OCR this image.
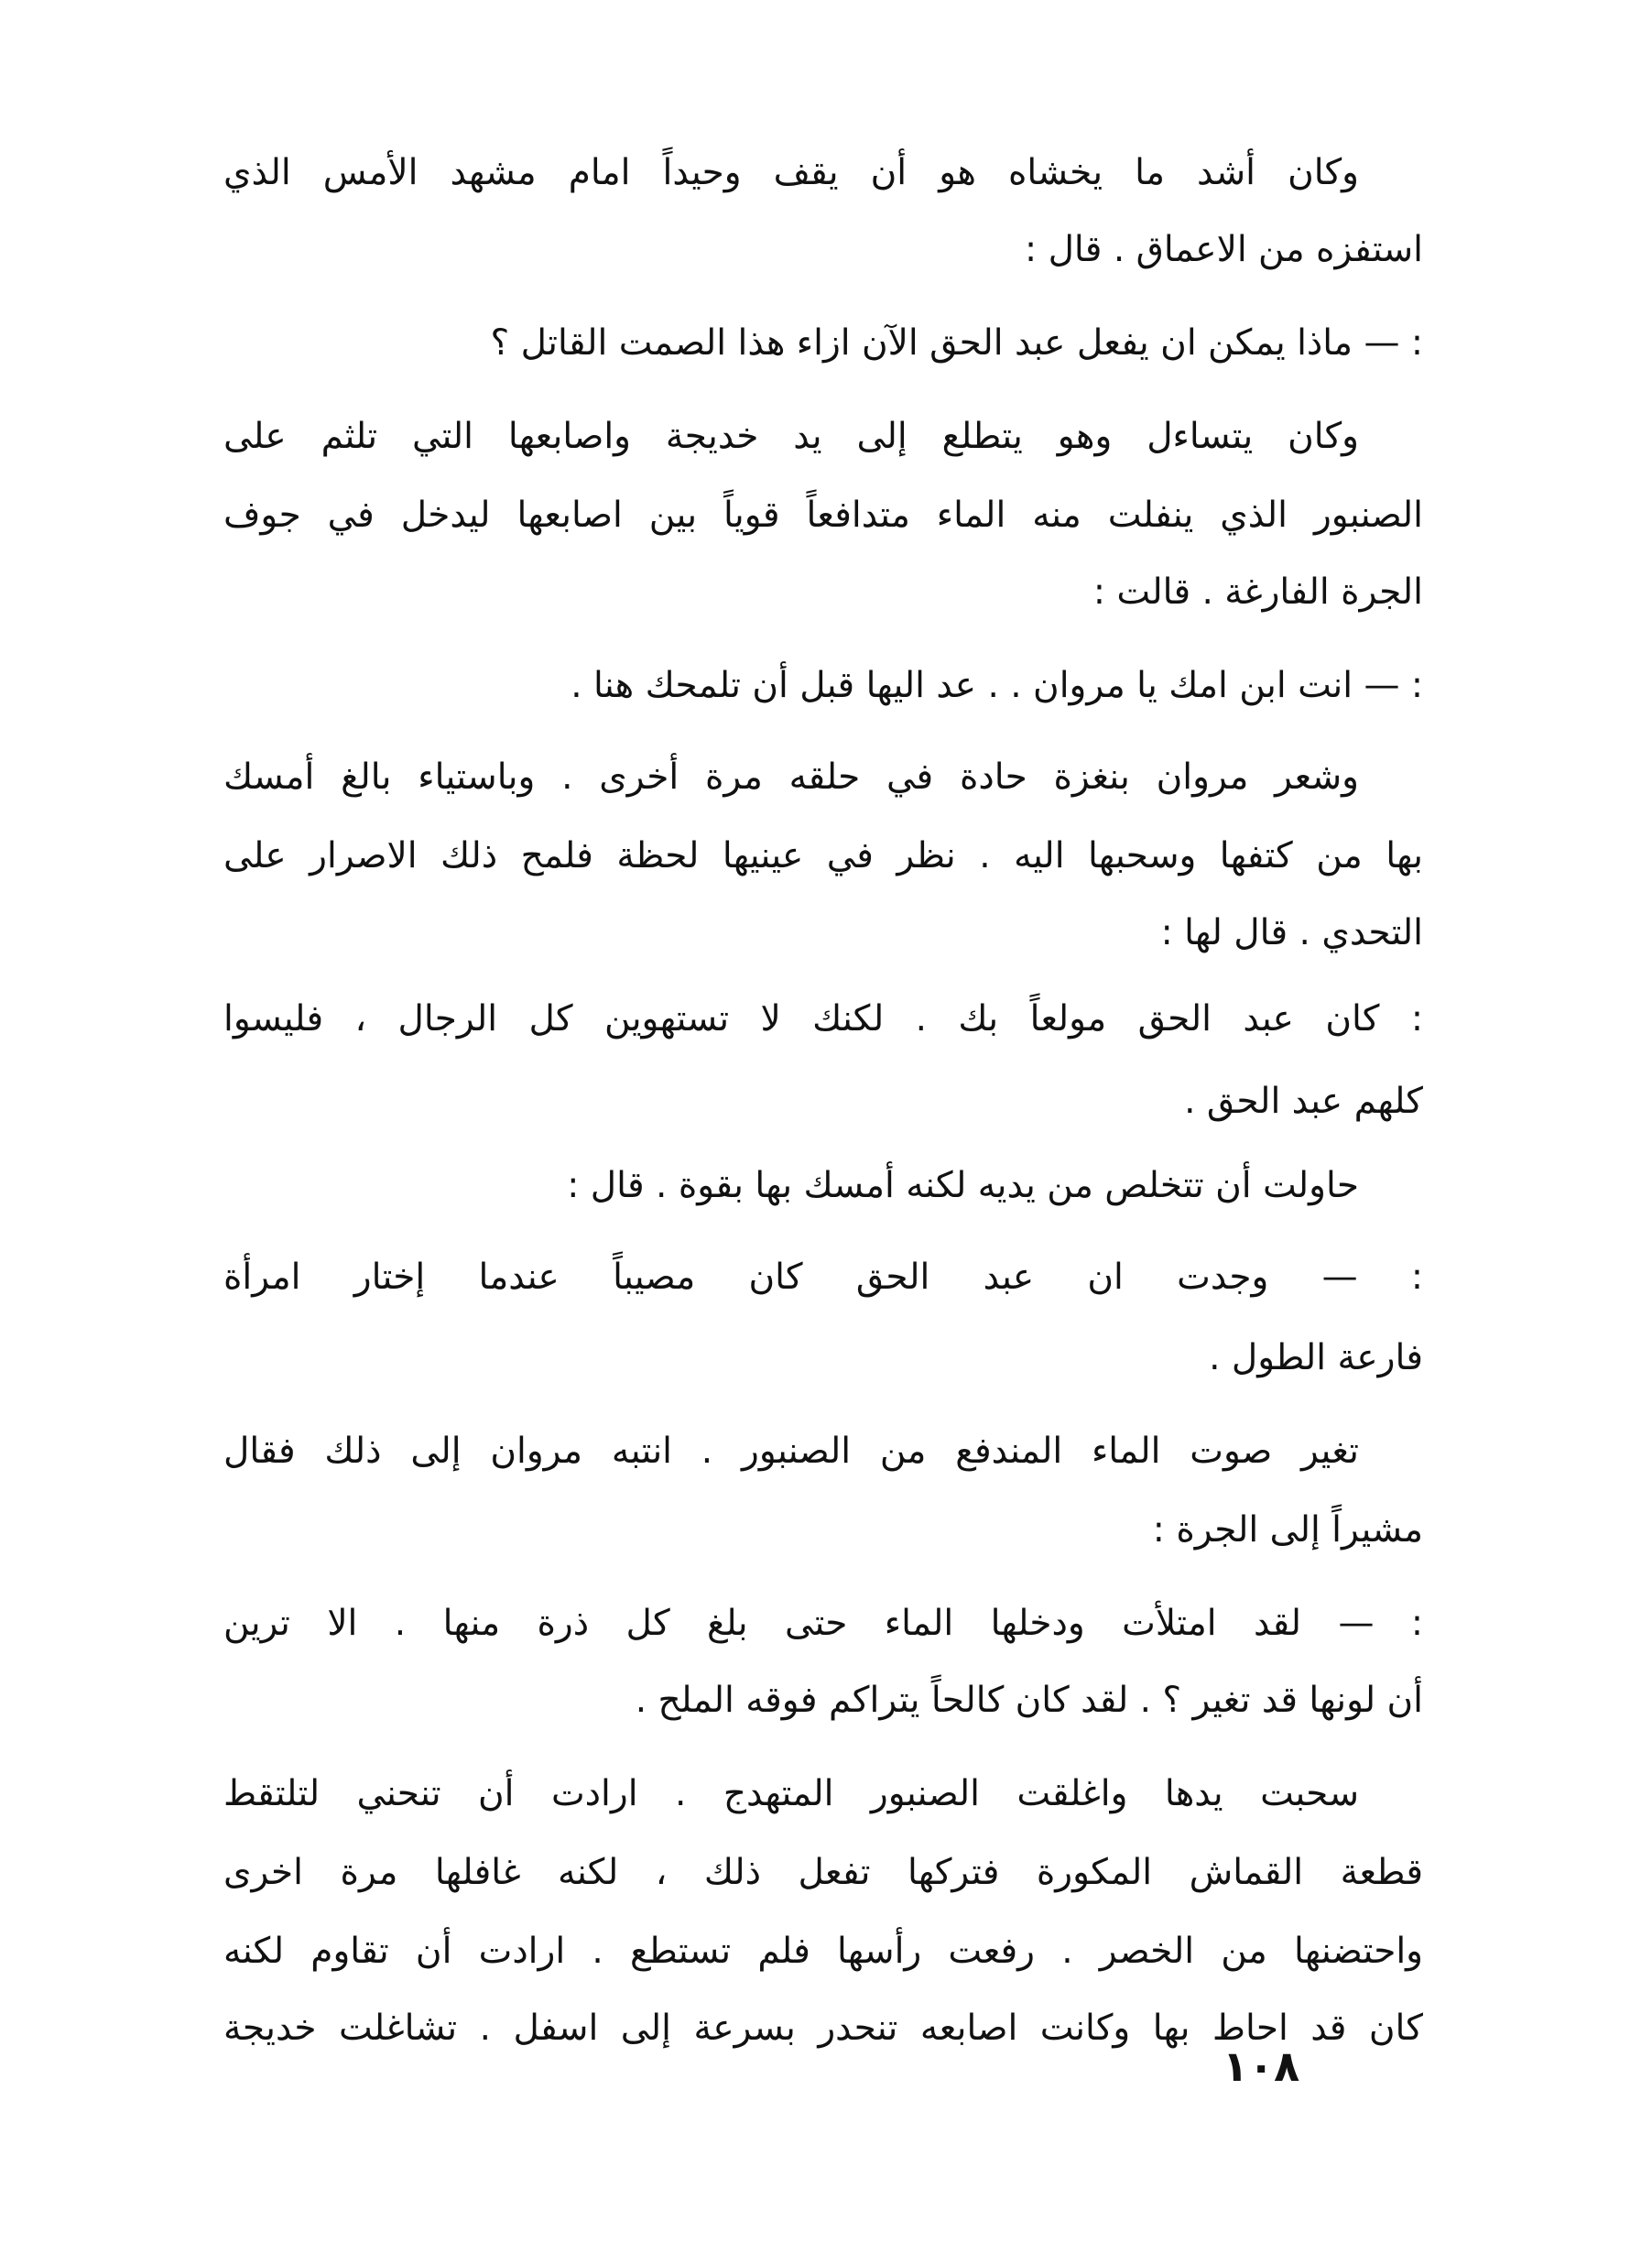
وكان أشد ما يخشاه هو أن يقف وحيداً امام مشهد الأمس الذي

استفزه من الاعماق . قال :

: — ماذا يمكن ان يفعل عبد الحق الآن ازاء هذا الصمت القاتل ؟

وكان يتساءل وهو يتطلع إلى يد خديجة واصابعها التي تلثم على

الصنبور الذي ينفلت منه الماء متدافعاً قوياً بين اصابعها ليدخل في جوف

الجرة الفارغة . قالت :

: — انت ابن امك يا مروان . . عد اليها قبل أن تلمحك هنا .

وشعر مروان بنغزة حادة في حلقه مرة أخرى . وباستياء بالغ أمسك

بها من كتفها وسحبها اليه . نظر في عينيها لحظة فلمح ذلك الاصرار على

التحدي . قال لها :

: كان عبد الحق مولعاً بك . لكنك لا تستهوين كل الرجال ، فليسوا

كلهم عبد الحق .

حاولت أن تتخلص من يديه لكنه أمسك بها بقوة . قال :

: — وجدت ان عبد الحق كان مصيباً عندما إختار امرأة

فارعة الطول .

تغير صوت الماء المندفع من الصنبور . انتبه مروان إلى ذلك فقال

مشيراً إلى الجرة :

: — لقد امتلأت ودخلها الماء حتى بلغ كل ذرة منها . الا ترين

أن لونها قد تغير ؟ . لقد كان كالحاً يتراكم فوقه الملح .

سحبت يدها واغلقت الصنبور المتهدج . ارادت أن تنحني لتلتقط

قطعة القماش المكورة فتركها تفعل ذلك ، لكنه غافلها مرة اخرى

واحتضنها من الخصر . رفعت رأسها فلم تستطع . ارادت أن تقاوم لكنه

كان قد احاط بها وكانت اصابعه تنحدر بسرعة إلى اسفل . تشاغلت خديجة

١٠٨
